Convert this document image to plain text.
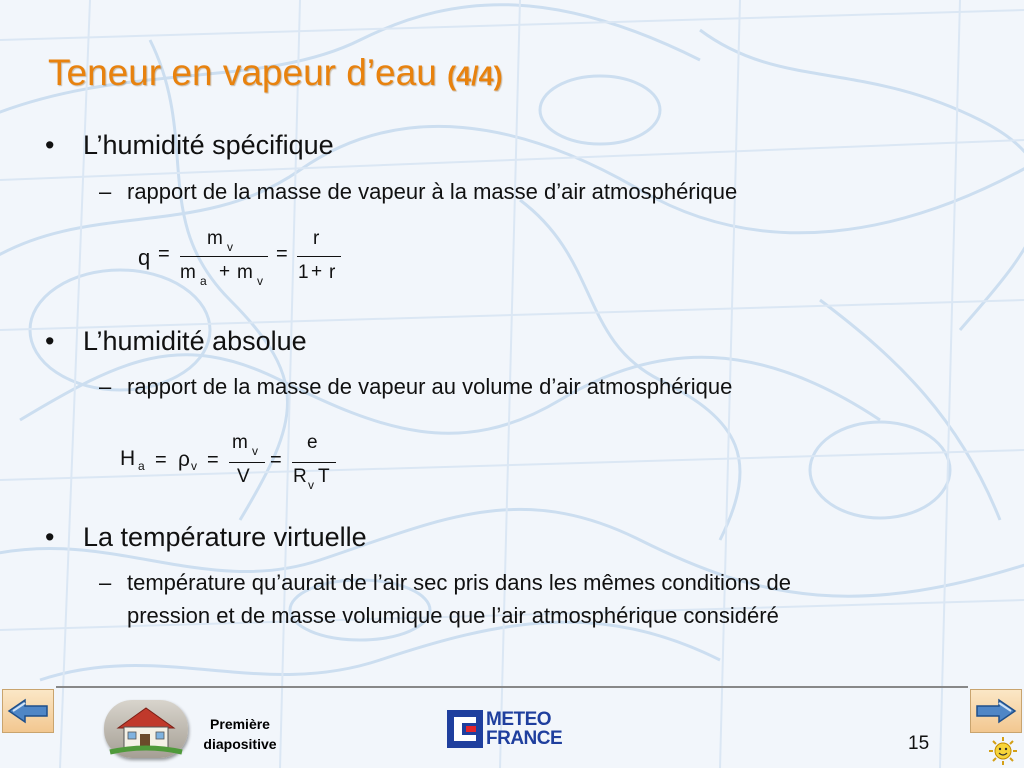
Teneur en vapeur d’eau (4/4)
• L’humidité spécifique
– rapport de la masse de vapeur à la masse d’air atmosphérique
q =
m v
m a + m v
=
r
1 + r
• L’humidité absolue
– rapport de la masse de vapeur au volume d’air atmosphérique
H a = ρ v =
m v
V
=
e
R v T
• La température virtuelle
– température qu’aurait de l’air sec pris dans les mêmes conditions de
pression et de masse volumique que l’air atmosphérique considéré
Première
diapositive
METEO
FRANCE	15
